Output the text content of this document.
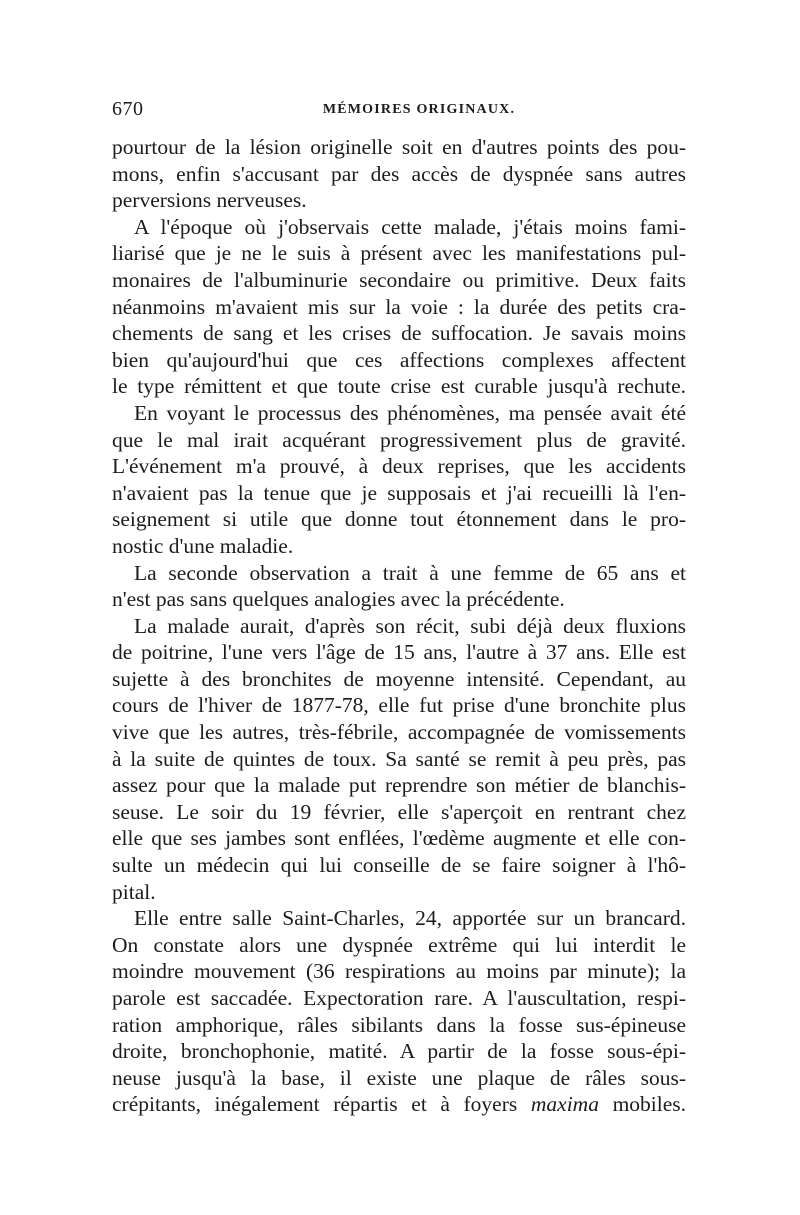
670	MÉMOIRES ORIGINAUX.

pourtour de la lésion originelle soit en d'autres points des pou-
mons, enfin s'accusant par des accès de dyspnée sans autres
perversions nerveuses.

A l'époque où j'observais cette malade, j'étais moins fami-
liarisé que je ne le suis à présent avec les manifestations pul-
monaires de l'albuminurie secondaire ou primitive. Deux faits
néanmoins m'avaient mis sur la voie : la durée des petits cra-
chements de sang et les crises de suffocation. Je savais moins
bien qu'aujourd'hui que ces affections complexes affectent
le type rémittent et que toute crise est curable jusqu'à rechute.

En voyant le processus des phénomènes, ma pensée avait été
que le mal irait acquérant progressivement plus de gravité.
L'événement m'a prouvé, à deux reprises, que les accidents
n'avaient pas la tenue que je supposais et j'ai recueilli là l'en-
seignement si utile que donne tout étonnement dans le pro-
nostic d'une maladie.

La seconde observation a trait à une femme de 65 ans et
n'est pas sans quelques analogies avec la précédente.

La malade aurait, d'après son récit, subi déjà deux fluxions
de poitrine, l'une vers l'âge de 15 ans, l'autre à 37 ans. Elle est
sujette à des bronchites de moyenne intensité. Cependant, au
cours de l'hiver de 1877-78, elle fut prise d'une bronchite plus
vive que les autres, très-fébrile, accompagnée de vomissements
à la suite de quintes de toux. Sa santé se remit à peu près, pas
assez pour que la malade put reprendre son métier de blanchis-
seuse. Le soir du 19 février, elle s'aperçoit en rentrant chez
elle que ses jambes sont enflées, l'œdème augmente et elle con-
sulte un médecin qui lui conseille de se faire soigner à l'hô-
pital.

Elle entre salle Saint-Charles, 24, apportée sur un brancard.
On constate alors une dyspnée extrême qui lui interdit le
moindre mouvement (36 respirations au moins par minute); la
parole est saccadée. Expectoration rare. A l'auscultation, respi-
ration amphorique, râles sibilants dans la fosse sus-épineuse
droite, bronchophonie, matité. A partir de la fosse sous-épi-
neuse jusqu'à la base, il existe une plaque de râles sous-
crépitants, inégalement répartis et à foyers maxima mobiles.
